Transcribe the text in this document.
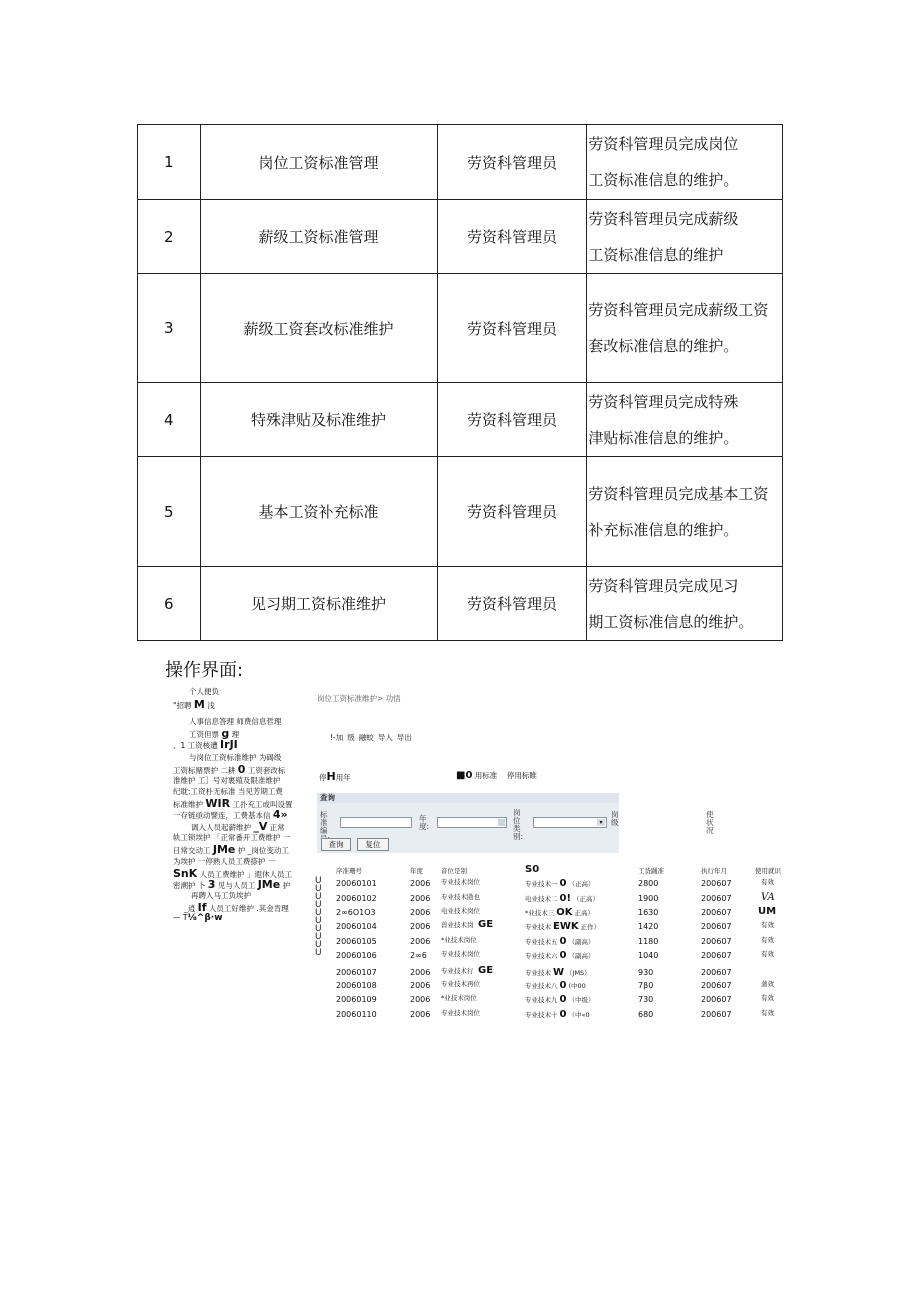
1	岗位工资标准管理	劳资科管理员	劳资科管理员完成岗位
工资标准信息的维护。

2	薪级工资标准管理	劳资科管理员	劳资科管理员完成薪级
工资标准信息的维护

3	薪级工资套改标准维护	劳资科管理员	劳资科管理员完成薪级工资
套改标准信息的维护。

4	特殊津贴及标准维护	劳资科管理员	劳资科管理员完成特殊
津贴标准信息的维护。

5	基本工资补充标准	劳资科管理员	劳资科管理员完成基本工资
补充标准信息的维护。

6	见习期工资标准维护	劳资科管理员	劳资科管理员完成见习
期工资标准信息的维护。
操作界面:
个人便负
"招聘 M 浅
人事信息答理 师费信息哲理
工资但票 g 理
、1 工资核遭 IrJI
与岗位工资标准维护 为碣级
工资标赌票护 二耕 0 工资套改标
淮维护 工］号对裹殖及限准维护
纪耽:工资朴无标准 当见芳期工费
标准维护 WIR 工扑充工或叫设置
一存链亟动譬连，工费基本信 4»
调入人员起薪维护 _V 正常
轨工锁埃护 「正常番开工费维护 一
日常交动工 JMe 护 _岗位变动工
为埃护 一停熟人员工费搽护 一
SnK 人员工费维护 」遐休人员工
密溯护 卜 3 见与人员工 JMe 护
再聘入马工负埃护
_逍 If 人员工好维护 .其金肯理
— T⅛^β·w
岗位工资标准维护> 功悟
!-加 级 融蛟 导入 导出
停H用年	■0 用标准 停用标睢
查询
标准编
年度:
岗位类别:
▾
岗级
查询	复位
使状况
序准珊号	年度	音位是别	S0	工货踊准	执行年月	使用就识
UUUUUUUUUU
20060101	2006 专业技术岗位	专业技术一 0 （正高）	2800	200607	有效
20060102	2006 专业技术勖也	电业技术二 0! （正高）	1900	200607	VA
2∞6O1O3	2006 电业技术岗位	*业技术三 OK 正高）	1630	200607	UM
20060104	2006 兽业技术岗 GE	专业技术 EWK 正作）	1420	200607	有效
20060105	2006 *业技术岗位	专业技术五 0 （副高）	1180	200607	有效
20060106	2∞6 专业技术岗位	专业技术六 0 （副高）	1040	200607	有效
20060107	2006 专业技术行 GE	专业技术 W （JMS）	930	200607
20060108	2006 专业技术再位	专业技术八 0 (中00	7β0	200607	蒲效
20060109	2006 *业技术岗位	专业技术九 0 （中级）	730	200607	有效
20060110	2006 专业技术岗位	专业技术十 0 （中«0	680	200607	有效
